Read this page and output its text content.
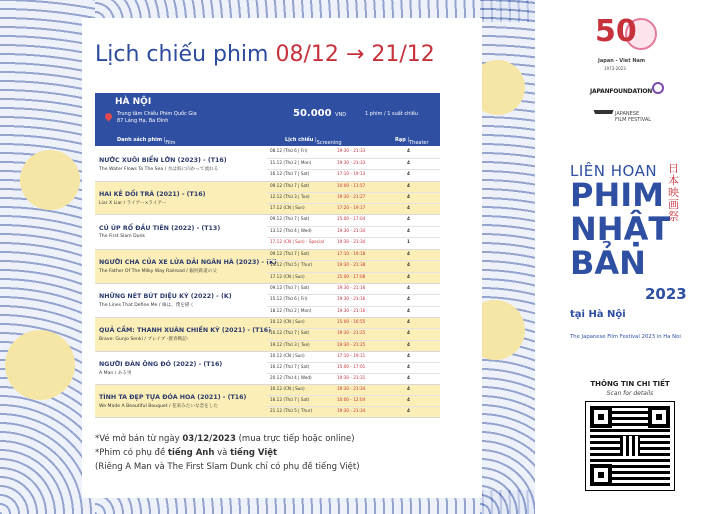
Lịch chiếu phim 08/12 → 21/12
HÀ NỘI
Trung tâm Chiếu Phim Quốc Gia
87 Láng Hạ, Ba Đình
50.000 VND	1 phim / 1 suất chiếu
Danh sách phim | Film list
Lịch chiếu | Screening Schedule
Rạp | Theater
NƯỚC XUÔI BIỂN LỚN (2023) - (T16)
The Water Flows To The Sea / 水は海に向かって流れる
08.12 (Thứ 6 | Fri)	19:30 - 21:33	4
11.12 (Thứ 2 | Mon)	19:30 - 21:33	4
16.12 (Thứ 7 | Sat)	17:10 - 19:13	4
HAI KẺ DỐI TRÁ (2021) - (T16)
Liar X Liar / ライアー×ライアー
09.12 (Thứ 7 | Sat)	10:00 - 11:57	4
12.12 (Thứ 3 | Tue)	19:30 - 21:27	4
17.12 (CN | Sun)	17:20 - 19:17	4
CÚ ÚP RỔ ĐẦU TIÊN (2022) - (T13)
The First Slam Dunk
09.12 (Thứ 7 | Sat)	15:00 - 17:04	4
13.12 (Thứ 4 | Wed)	19:30 - 21:34	4
17.12 (CN | Sun) - Special	19:30 - 21:34	1
NGƯỜI CHA CỦA XE LỬA DẢI NGÂN HÀ (2023) - (K)
The Father Of The Milky Way Railroad / 銀河鉄道の父
09.12 (Thứ 7 | Sat)	17:10 - 19:18	4
14.12 (Thứ 5 | Thur)	19:30 - 21:38	4
17.12 (CN | Sun)	15:00 - 17:08	4
NHỮNG NÉT BÚT DIỆU KỲ (2022) - (K)
The Lines That Define Me / 線は、僕を描く
09.12 (Thứ 7 | Sat)	19:30 - 21:16	4
15.12 (Thứ 6 | Fri)	19:30 - 21:16	4
18.12 (Thứ 2 | Mon)	19:30 - 21:16	4
QUẢ CẦM: THANH XUÂN CHIẾN KỲ (2021) - (T16)
Brave: Gunjo Senki / ブレイブ -群青戦記-
10.12 (CN | Sun)	15:00 - 16:55	4
16.12 (Thứ 7 | Sat)	19:30 - 21:25	4
19.12 (Thứ 3 | Tue)	19:30 - 21:25	4
NGƯỜI ĐÀN ÔNG ĐÓ (2022) - (T16)
A Man / ある男
10.12 (CN | Sun)	17:10 - 19:11	4
16.12 (Thứ 7 | Sat)	15:00 - 17:01	4
20.12 (Thứ 4 | Wed)	19:30 - 21:31	4
TÌNH TA ĐẸP TỰA ĐÓA HOA (2021) - (T16)
We Made A Beautiful Bouquet / 花束みたいな恋をした
10.12 (CN | Sun)	19:30 - 21:34	4
16.12 (Thứ 7 | Sat)	10:00 - 12:04	4
21.12 (Thứ 5 | Thur)	19:30 - 21:34	4
*Vé mở bán từ ngày 03/12/2023 (mua trực tiếp hoặc online)
*Phim có phụ đề tiếng Anh và tiếng Việt
(Riêng A Man và The First Slam Dunk chỉ có phụ đề tiếng Việt)
50
Japan - Viet Nam
1973-2023
JAPANFOUNDATION
JAPANESE
FILM FESTIVAL
LIÊN HOAN
PHIM
NHẬT
BẢN
2023
日本映画祭
tại Hà Nội
The Japanese Film Festival 2023 in Ha Noi
THÔNG TIN CHI TIẾT
Scan for details
